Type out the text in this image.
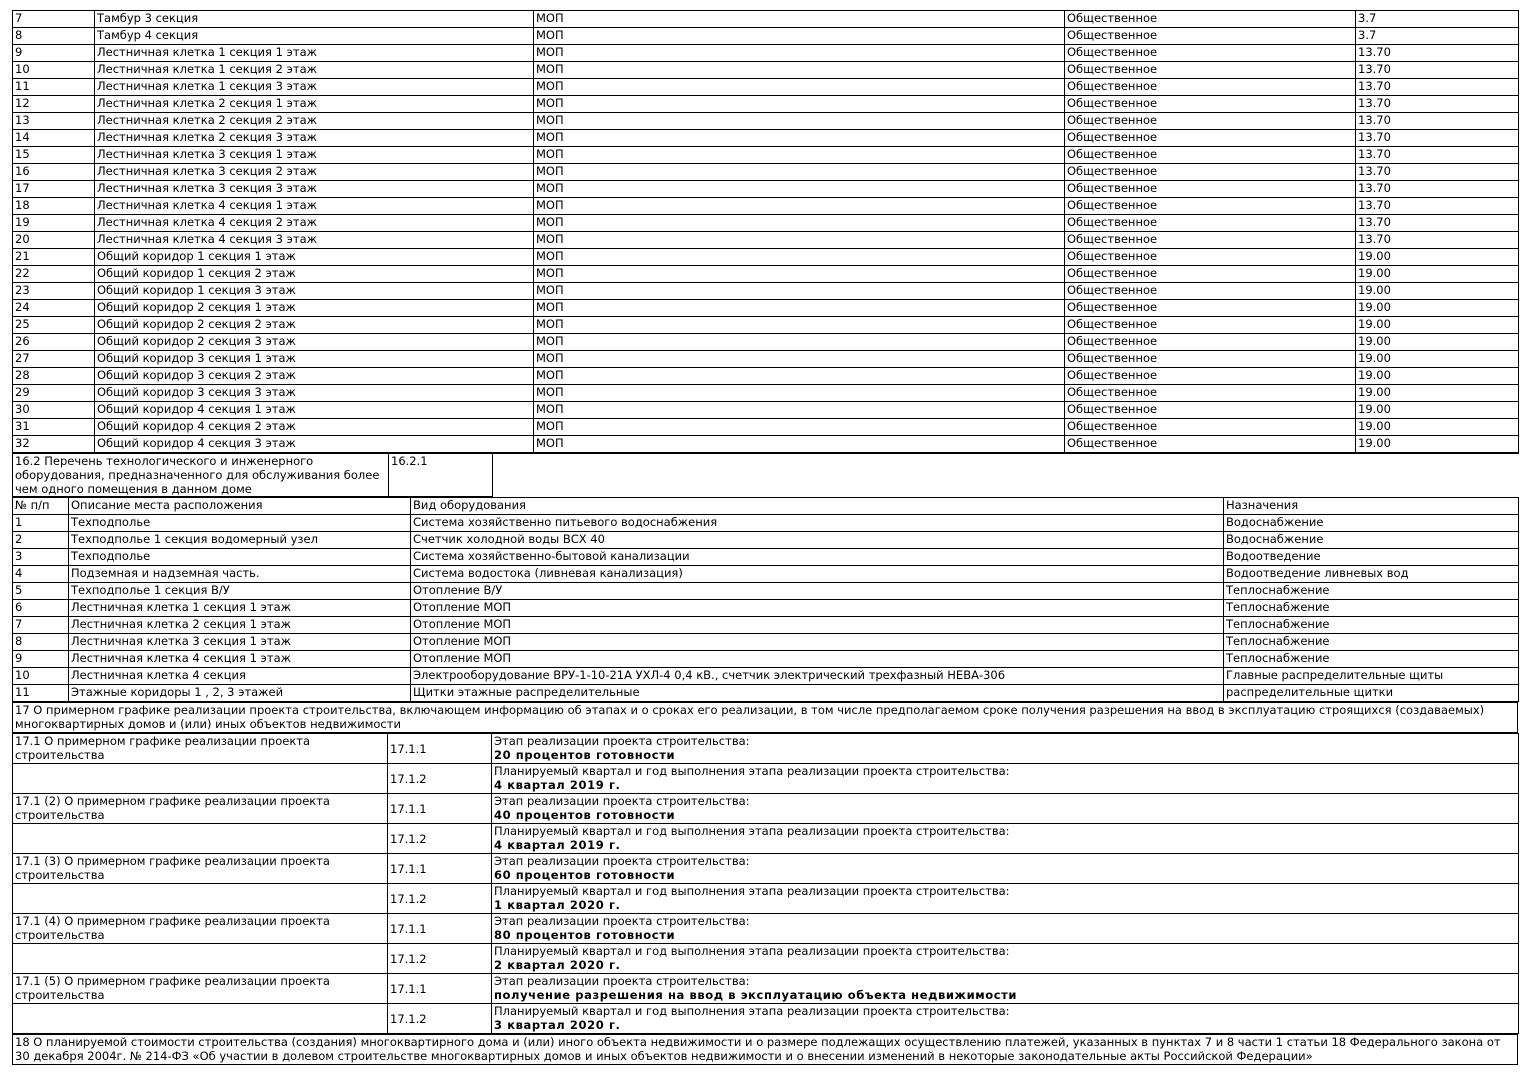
7	Тамбур 3 секция	МОП	Общественное	3.7
8	Тамбур 4 секция	МОП	Общественное	3.7
9	Лестничная клетка 1 секция 1 этаж	МОП	Общественное	13.70
10	Лестничная клетка 1 секция 2 этаж	МОП	Общественное	13.70
11	Лестничная клетка 1 секция 3 этаж	МОП	Общественное	13.70
12	Лестничная клетка 2 секция 1 этаж	МОП	Общественное	13.70
13	Лестничная клетка 2 секция 2 этаж	МОП	Общественное	13.70
14	Лестничная клетка 2 секция 3 этаж	МОП	Общественное	13.70
15	Лестничная клетка 3 секция 1 этаж	МОП	Общественное	13.70
16	Лестничная клетка 3 секция 2 этаж	МОП	Общественное	13.70
17	Лестничная клетка 3 секция 3 этаж	МОП	Общественное	13.70
18	Лестничная клетка 4 секция 1 этаж	МОП	Общественное	13.70
19	Лестничная клетка 4 секция 2 этаж	МОП	Общественное	13.70
20	Лестничная клетка 4 секция 3 этаж	МОП	Общественное	13.70
21	Общий коридор 1 секция 1 этаж	МОП	Общественное	19.00
22	Общий коридор 1 секция 2 этаж	МОП	Общественное	19.00
23	Общий коридор 1 секция 3 этаж	МОП	Общественное	19.00
24	Общий коридор 2 секция 1 этаж	МОП	Общественное	19.00
25	Общий коридор 2 секция 2 этаж	МОП	Общественное	19.00
26	Общий коридор 2 секция 3 этаж	МОП	Общественное	19.00
27	Общий коридор 3 секция 1 этаж	МОП	Общественное	19.00
28	Общий коридор 3 секция 2 этаж	МОП	Общественное	19.00
29	Общий коридор 3 секция 3 этаж	МОП	Общественное	19.00
30	Общий коридор 4 секция 1 этаж	МОП	Общественное	19.00
31	Общий коридор 4 секция 2 этаж	МОП	Общественное	19.00
32	Общий коридор 4 секция 3 этаж	МОП	Общественное	19.00
16.2 Перечень технологического и инженерного оборудования, предназначенного для обслуживания более чем одного помещения в данном доме	16.2.1	
№ п/п	Описание места расположения	Вид оборудования	Назначения
1	Техподполье	Система хозяйственно питьевого водоснабжения	Водоснабжение
2	Техподполье 1 секция водомерный узел	Счетчик холодной воды ВСХ 40	Водоснабжение
3	Техподполье	Система хозяйственно-бытовой канализации	Водоотведение
4	Подземная и надземная часть.	Система водостока (ливневая канализация)	Водоотведение ливневых вод
5	Техподполье 1 секция В/У	Отопление В/У	Теплоснабжение
6	Лестничная клетка 1 секция 1 этаж	Отопление МОП	Теплоснабжение
7	Лестничная клетка 2 секция 1 этаж	Отопление МОП	Теплоснабжение
8	Лестничная клетка 3 секция 1 этаж	Отопление МОП	Теплоснабжение
9	Лестничная клетка 4 секция 1 этаж	Отопление МОП	Теплоснабжение
10	Лестничная клетка 4 секция	Электрооборудование ВРУ-1-10-21А УХЛ-4 0,4 кВ., счетчик электрический трехфазный НЕВА-306	Главные распределительные щиты
11	Этажные коридоры 1 , 2, 3 этажей	Щитки этажные распределительные	распределительные щитки
17 О примерном графике реализации проекта строительства, включающем информацию об этапах и о сроках его реализации, в том числе предполагаемом сроке получения разрешения на ввод в эксплуатацию строящихся (создаваемых) многоквартирных домов и (или) иных объектов недвижимости
17.1 О примерном графике реализации проекта строительства	17.1.1	Этап реализации проекта строительства:
20 процентов готовности

	17.1.2	Планируемый квартал и год выполнения этапа реализации проекта строительства:
4 квартал 2019 г.

17.1 (2) О примерном графике реализации проекта строительства	17.1.1	Этап реализации проекта строительства:
40 процентов готовности

	17.1.2	Планируемый квартал и год выполнения этапа реализации проекта строительства:
4 квартал 2019 г.

17.1 (3) О примерном графике реализации проекта строительства	17.1.1	Этап реализации проекта строительства:
60 процентов готовности

	17.1.2	Планируемый квартал и год выполнения этапа реализации проекта строительства:
1 квартал 2020 г.

17.1 (4) О примерном графике реализации проекта строительства	17.1.1	Этап реализации проекта строительства:
80 процентов готовности

	17.1.2	Планируемый квартал и год выполнения этапа реализации проекта строительства:
2 квартал 2020 г.

17.1 (5) О примерном графике реализации проекта строительства	17.1.1	Этап реализации проекта строительства:
получение разрешения на ввод в эксплуатацию объекта недвижимости

	17.1.2	Планируемый квартал и год выполнения этапа реализации проекта строительства:
3 квартал 2020 г.
18 О планируемой стоимости строительства (создания) многоквартирного дома и (или) иного объекта недвижимости и о размере подлежащих осуществлению платежей, указанных в пунктах 7 и 8 части 1 статьи 18 Федерального закона от 30 декабря 2004г. № 214-ФЗ «Об участии в долевом строительстве многоквартирных домов и иных объектов недвижимости и о внесении изменений в некоторые законодательные акты Российской Федерации»
